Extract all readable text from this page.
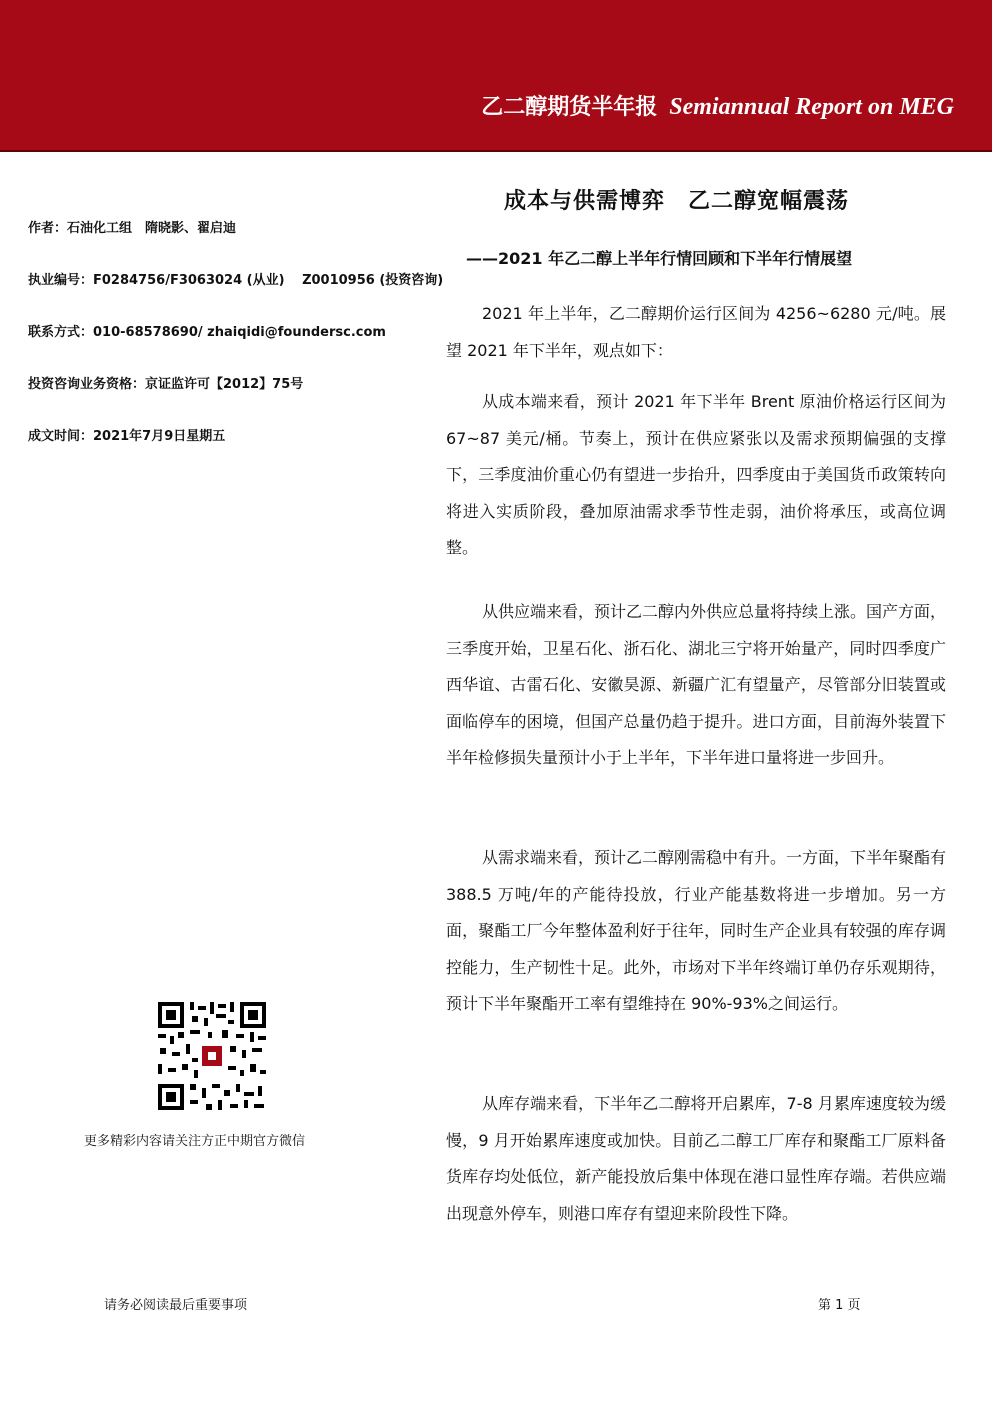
乙二醇期货半年报 Semiannual Report on MEG
作者：石油化工组　隋晓影、翟启迪
执业编号：F0284756/F3063024 (从业)　 Z0010956 (投资咨询)
联系方式：010-68578690/ zhaiqidi@foundersc.com
投资咨询业务资格：京证监许可【2012】75号
成文时间：2021年7月9日星期五
更多精彩内容请关注方正中期官方微信
成本与供需博弈　乙二醇宽幅震荡
——2021 年乙二醇上半年行情回顾和下半年行情展望
2021 年上半年，乙二醇期价运行区间为 4256~6280 元/吨。展望 2021 年下半年，观点如下：
从成本端来看，预计 2021 年下半年 Brent 原油价格运行区间为 67~87 美元/桶。节奏上，预计在供应紧张以及需求预期偏强的支撑下，三季度油价重心仍有望进一步抬升，四季度由于美国货币政策转向将进入实质阶段，叠加原油需求季节性走弱，油价将承压，或高位调整。
从供应端来看，预计乙二醇内外供应总量将持续上涨。国产方面，三季度开始，卫星石化、浙石化、湖北三宁将开始量产，同时四季度广西华谊、古雷石化、安徽昊源、新疆广汇有望量产，尽管部分旧装置或面临停车的困境，但国产总量仍趋于提升。进口方面，目前海外装置下半年检修损失量预计小于上半年，下半年进口量将进一步回升。
从需求端来看，预计乙二醇刚需稳中有升。一方面，下半年聚酯有 388.5 万吨/年的产能待投放，行业产能基数将进一步增加。另一方面，聚酯工厂今年整体盈利好于往年，同时生产企业具有较强的库存调控能力，生产韧性十足。此外，市场对下半年终端订单仍存乐观期待，预计下半年聚酯开工率有望维持在 90%-93%之间运行。
从库存端来看，下半年乙二醇将开启累库，7-8 月累库速度较为缓慢，9 月开始累库速度或加快。目前乙二醇工厂库存和聚酯工厂原料备货库存均处低位，新产能投放后集中体现在港口显性库存端。若供应端出现意外停车，则港口库存有望迎来阶段性下降。
请务必阅读最后重要事项	第 1 页
